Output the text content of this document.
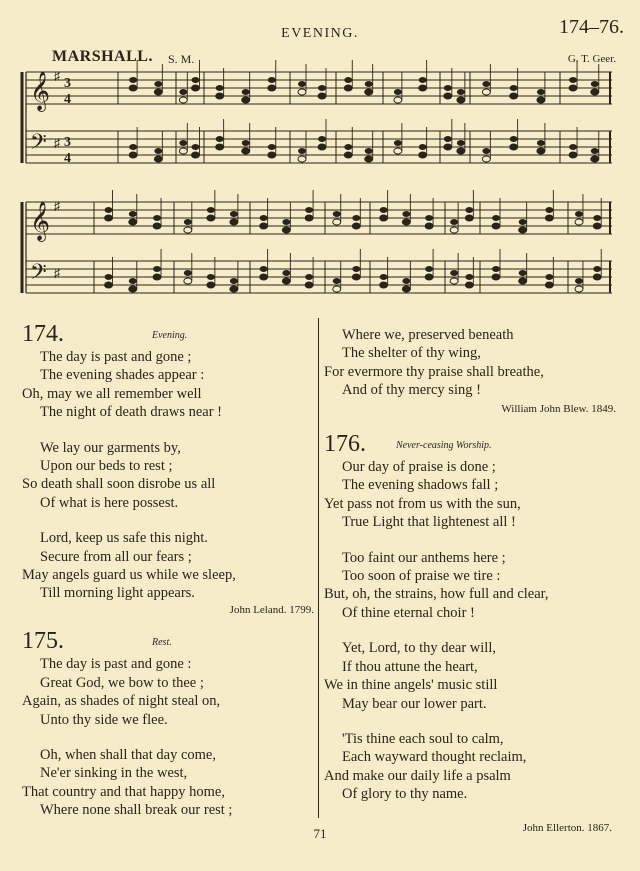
EVENING.	174–76.
MARSHALL. S. M.	G. T. Geer.
𝄞
𝄢
♯
♯
3
4
3
4
𝄞
𝄢
♯
♯
174.	Evening.
The day is past and gone ;
The evening shades appear :
Oh, may we all remember well
The night of death draws near !
We lay our garments by,
Upon our beds to rest ;
So death shall soon disrobe us all
Of what is here possest.
Lord, keep us safe this night.
Secure from all our fears ;
May angels guard us while we sleep,
Till morning light appears.
John Leland. 1799.
175.	Rest.
The day is past and gone :
Great God, we bow to thee ;
Again, as shades of night steal on,
Unto thy side we flee.
Oh, when shall that day come,
Ne'er sinking in the west,
That country and that happy home,
Where none shall break our rest ;
Where we, preserved beneath
The shelter of thy wing,
For evermore thy praise shall breathe,
And of thy mercy sing !
William John Blew. 1849.
176.	Never-ceasing Worship.
Our day of praise is done ;
The evening shadows fall ;
Yet pass not from us with the sun,
True Light that lightenest all !
Too faint our anthems here ;
Too soon of praise we tire :
But, oh, the strains, how full and clear,
Of thine eternal choir !
Yet, Lord, to thy dear will,
If thou attune the heart,
We in thine angels' music still
May bear our lower part.
'Tis thine each soul to calm,
Each wayward thought reclaim,
And make our daily life a psalm
Of glory to thy name.
John Ellerton. 1867.
71
